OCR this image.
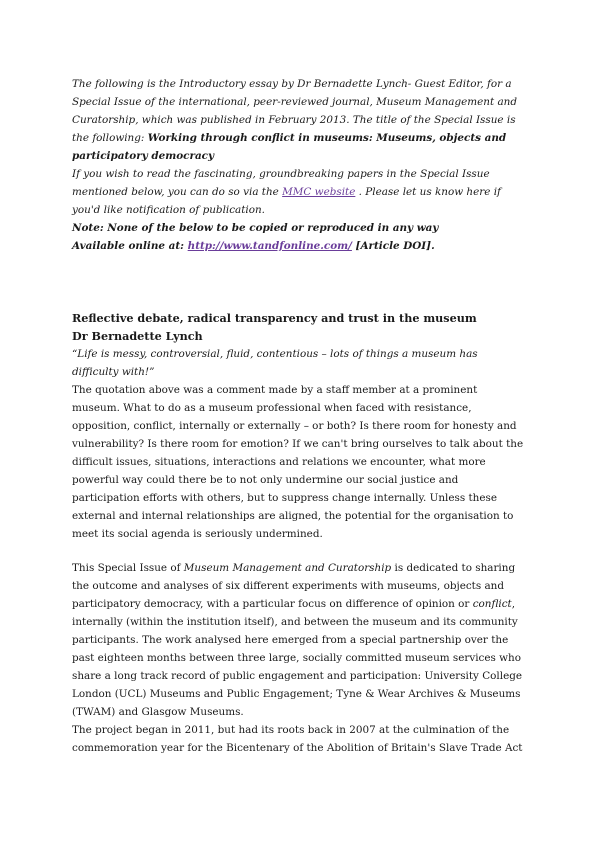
The following is the Introductory essay by Dr Bernadette Lynch- Guest Editor, for a Special Issue of the international, peer-reviewed journal, Museum Management and Curatorship, which was published in February 2013. The title of the Special Issue is the following: Working through conflict in museums: Museums, objects and participatory democracy

If you wish to read the fascinating, groundbreaking papers in the Special Issue mentioned below, you can do so via the MMC website . Please let us know here if you'd like notification of publication.

Note: None of the below to be copied or reproduced in any way

Available online at: http://www.tandfonline.com/ [Article DOI].

Reflective debate, radical transparency and trust in the museum
Dr Bernadette Lynch

“Life is messy, controversial, fluid, contentious – lots of things a museum has difficulty with!”

The quotation above was a comment made by a staff member at a prominent museum. What to do as a museum professional when faced with resistance, opposition, conflict, internally or externally – or both? Is there room for honesty and vulnerability? Is there room for emotion? If we can't bring ourselves to talk about the difficult issues, situations, interactions and relations we encounter, what more powerful way could there be to not only undermine our social justice and participation efforts with others, but to suppress change internally. Unless these external and internal relationships are aligned, the potential for the organisation to meet its social agenda is seriously undermined.

This Special Issue of Museum Management and Curatorship is dedicated to sharing the outcome and analyses of six different experiments with museums, objects and participatory democracy, with a particular focus on difference of opinion or conflict, internally (within the institution itself), and between the museum and its community participants. The work analysed here emerged from a special partnership over the past eighteen months between three large, socially committed museum services who share a long track record of public engagement and participation: University College London (UCL) Museums and Public Engagement; Tyne & Wear Archives & Museums (TWAM) and Glasgow Museums.

The project began in 2011, but had its roots back in 2007 at the culmination of the commemoration year for the Bicentenary of the Abolition of Britain's Slave Trade Act
